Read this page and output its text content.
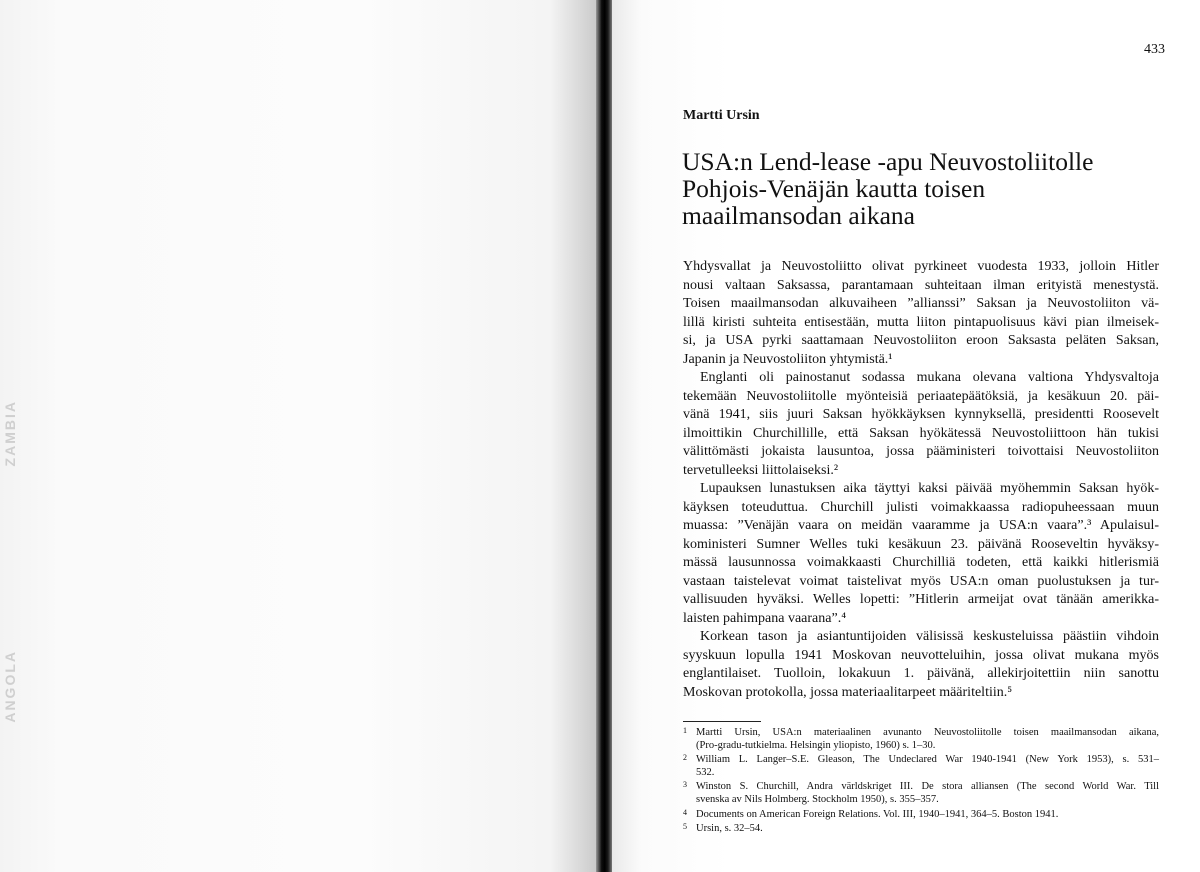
ZAMBIA
ANGOLA
433
Martti Ursin
USA:n Lend-lease -apu Neuvostoliitolle
Pohjois-Venäjän kautta toisen
maailmansodan aikana

Yhdysvallat ja Neuvostoliitto olivat pyrkineet vuodesta 1933, jolloin Hitler
nousi valtaan Saksassa, parantamaan suhteitaan ilman erityistä menestystä.
Toisen maailmansodan alkuvaiheen ”allianssi” Saksan ja Neuvostoliiton vä-
lillä kiristi suhteita entisestään, mutta liiton pintapuolisuus kävi pian ilmeisek-
si, ja USA pyrki saattamaan Neuvostoliiton eroon Saksasta peläten Saksan,
Japanin ja Neuvostoliiton yhtymistä.¹

Englanti oli painostanut sodassa mukana olevana valtiona Yhdysvaltoja
tekemään Neuvostoliitolle myönteisiä periaatepäätöksiä, ja kesäkuun 20. päi-
vänä 1941, siis juuri Saksan hyökkäyksen kynnyksellä, presidentti Roosevelt
ilmoittikin Churchillille, että Saksan hyökätessä Neuvostoliittoon hän tukisi
välittömästi jokaista lausuntoa, jossa pääministeri toivottaisi Neuvostoliiton
tervetulleeksi liittolaiseksi.²

Lupauksen lunastuksen aika täyttyi kaksi päivää myöhemmin Saksan hyök-
käyksen toteuduttua. Churchill julisti voimakkaassa radiopuheessaan muun
muassa: ”Venäjän vaara on meidän vaaramme ja USA:n vaara”.³ Apulaisul-
koministeri Sumner Welles tuki kesäkuun 23. päivänä Rooseveltin hyväksy-
mässä lausunnossa voimakkaasti Churchilliä todeten, että kaikki hitlerismiä
vastaan taistelevat voimat taistelivat myös USA:n oman puolustuksen ja tur-
vallisuuden hyväksi. Welles lopetti: ”Hitlerin armeijat ovat tänään amerikka-
laisten pahimpana vaarana”.⁴

Korkean tason ja asiantuntijoiden välisissä keskusteluissa päästiin vihdoin
syyskuun lopulla 1941 Moskovan neuvotteluihin, jossa olivat mukana myös
englantilaiset. Tuolloin, lokakuun 1. päivänä, allekirjoitettiin niin sanottu
Moskovan protokolla, jossa materiaalitarpeet määriteltiin.⁵

1 Martti Ursin, USA:n materiaalinen avunanto Neuvostoliitolle toisen maailmansodan aikana,
(Pro-gradu-tutkielma. Helsingin yliopisto, 1960) s. 1–30.
2 William L. Langer–S.E. Gleason, The Undeclared War 1940-1941 (New York 1953), s. 531–
532.
3 Winston S. Churchill, Andra världskriget III. De stora alliansen (The second World War. Till
svenska av Nils Holmberg. Stockholm 1950), s. 355–357.
4 Documents on American Foreign Relations. Vol. III, 1940–1941, 364–5. Boston 1941.
5 Ursin, s. 32–54.
